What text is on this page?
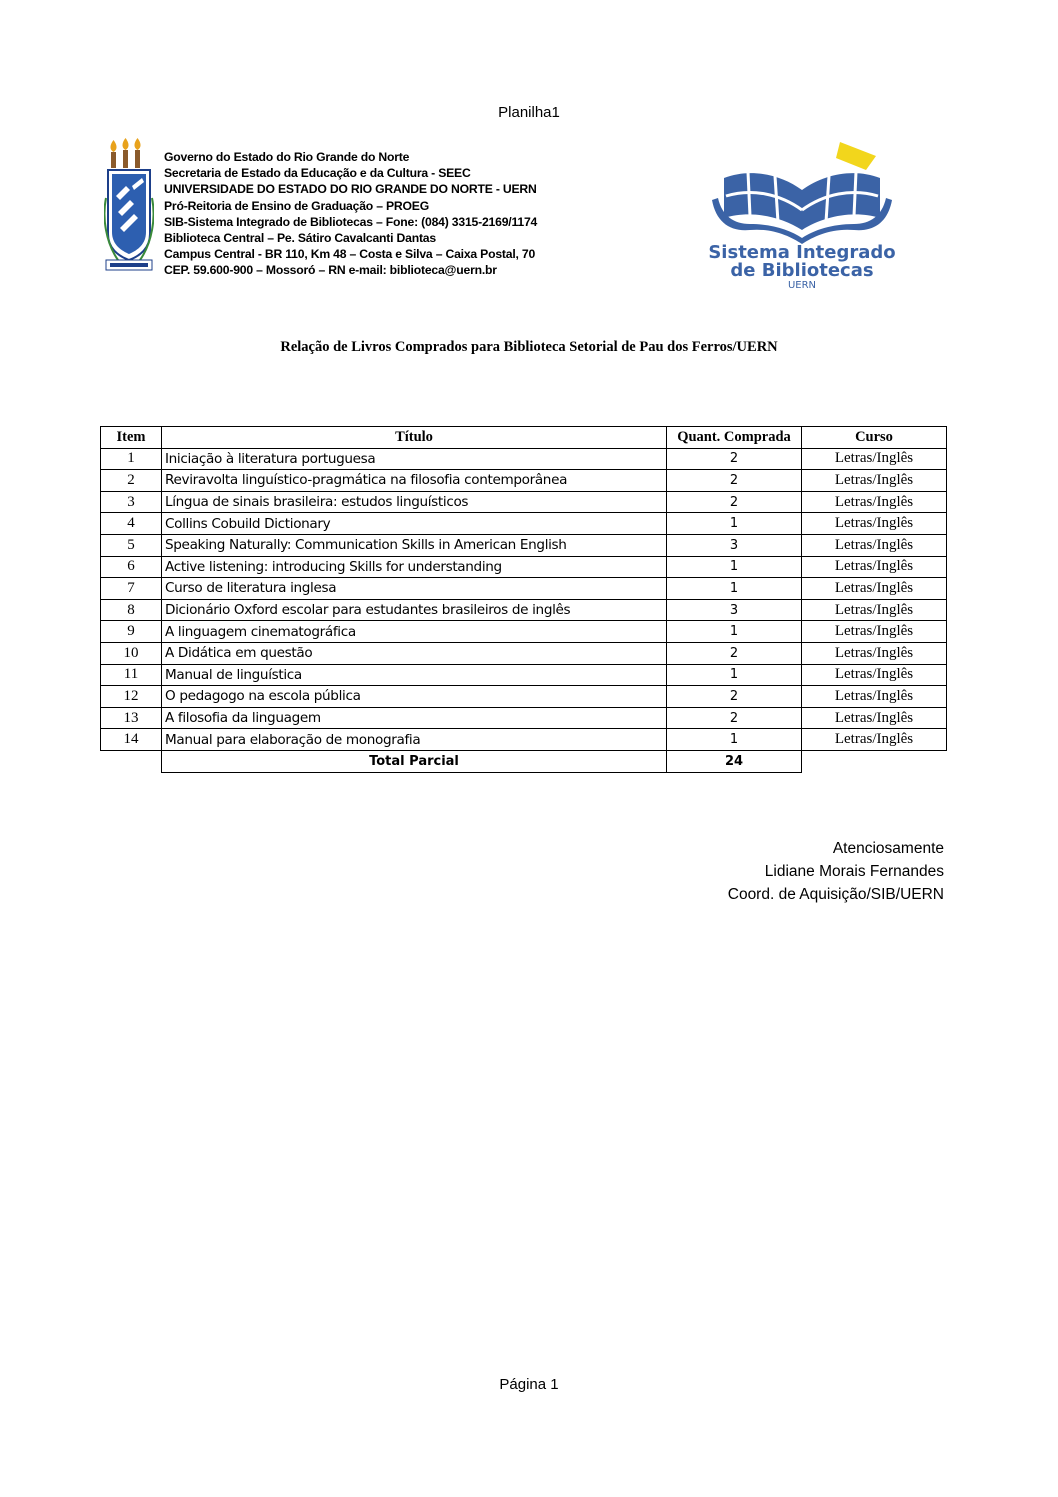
Planilha1
Governo do Estado do Rio Grande do Norte
Secretaria de Estado da Educação e da Cultura - SEEC
UNIVERSIDADE DO ESTADO DO RIO GRANDE DO NORTE - UERN
Pró-Reitoria de Ensino de Graduação – PROEG
SIB-Sistema Integrado de Bibliotecas – Fone: (084) 3315-2169/1174
Biblioteca Central – Pe. Sátiro Cavalcanti Dantas
Campus Central - BR 110, Km 48 – Costa e Silva – Caixa Postal, 70
CEP. 59.600-900 – Mossoró – RN e-mail: biblioteca@uern.br
Sistema Integrado
de Bibliotecas
UERN
Relação de Livros Comprados para Biblioteca Setorial de Pau dos Ferros/UERN
Item	Título	Quant. Comprada	Curso
1	Iniciação à literatura portuguesa	2	Letras/Inglês
2	Reviravolta linguístico-pragmática na filosofia contemporânea	2	Letras/Inglês
3	Língua de sinais brasileira: estudos linguísticos	2	Letras/Inglês
4	Collins Cobuild Dictionary	1	Letras/Inglês
5	Speaking Naturally: Communication Skills in American English	3	Letras/Inglês
6	Active listening: introducing Skills for understanding	1	Letras/Inglês
7	Curso de literatura inglesa	1	Letras/Inglês
8	Dicionário Oxford escolar para estudantes brasileiros de inglês	3	Letras/Inglês
9	A linguagem cinematográfica	1	Letras/Inglês
10	A Didática em questão	2	Letras/Inglês
11	Manual de linguística	1	Letras/Inglês
12	O pedagogo na escola pública	2	Letras/Inglês
13	A filosofia da linguagem	2	Letras/Inglês
14	Manual para elaboração de monografia	1	Letras/Inglês
	Total Parcial	24	
Atenciosamente
Lidiane Morais Fernandes
Coord. de Aquisição/SIB/UERN
Página 1
